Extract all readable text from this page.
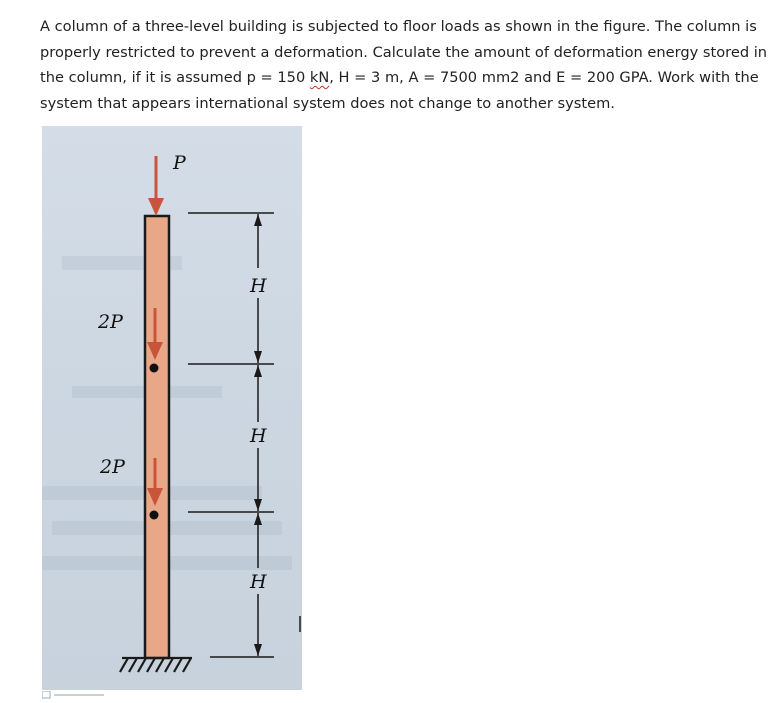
A column of a three-level building is subjected to floor loads as shown in the figure. The column is properly restricted to prevent a deformation. Calculate the amount of deformation energy stored in the column, if it is assumed p = 150 kN, H = 3 m, A = 7500 mm2 and E = 200 GPA. Work with the system that appears international system does not change to another system.

P
2P
2P
H
H
H
